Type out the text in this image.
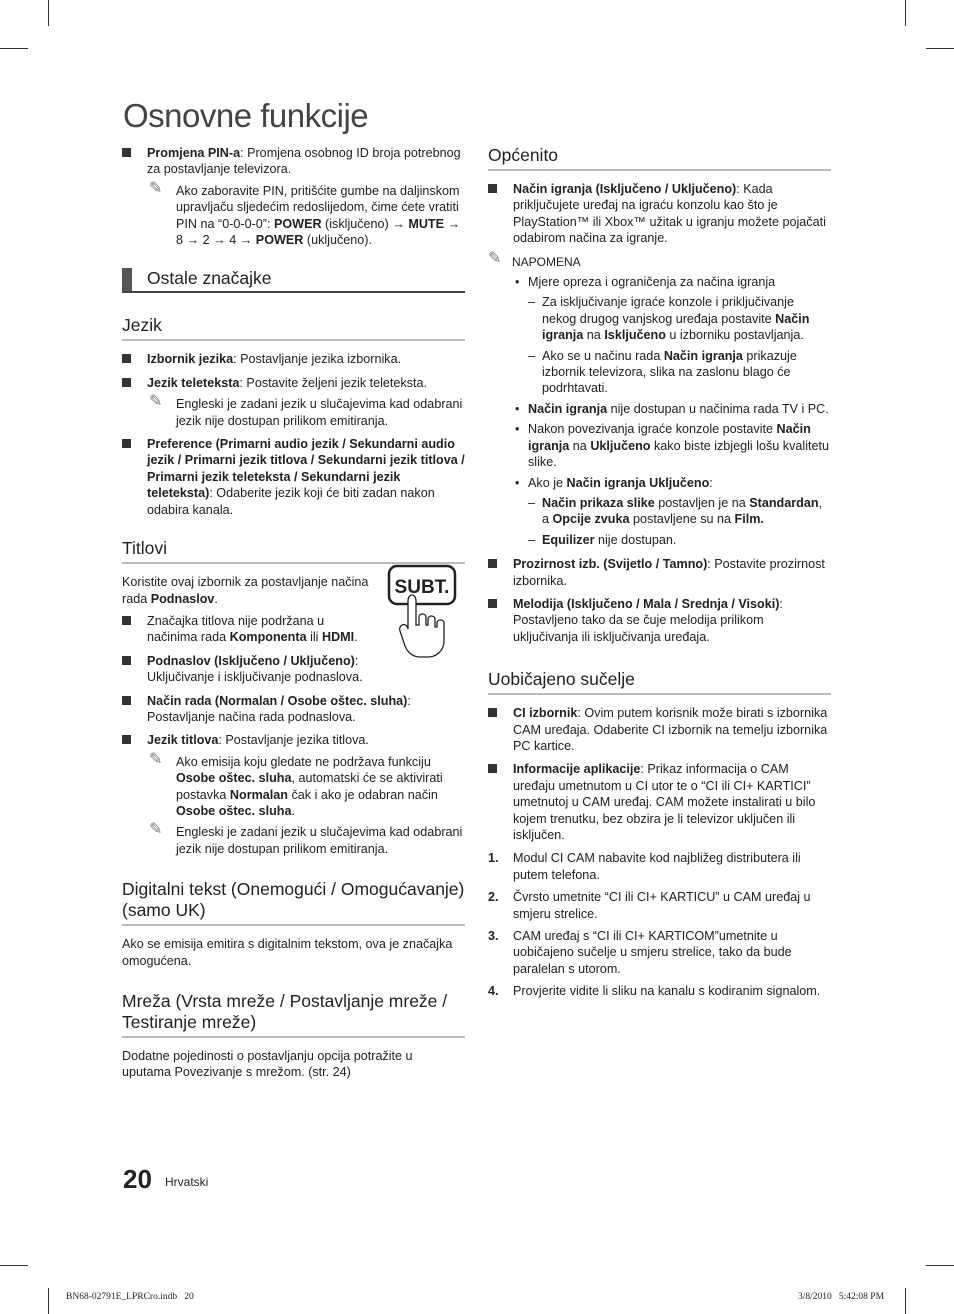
Osnovne funkcije
Promjena PIN-a: Promjena osobnog ID broja potrebnog za postavljanje televizora.
✎ Ako zaboravite PIN, pritišćite gumbe na daljinskom upravljaču sljedećim redoslijedom, čime ćete vratiti PIN na “0-0-0-0”: POWER (isključeno) → MUTE → 8 → 2 → 4 → POWER (uključeno).
Ostale značajke
Jezik
Izbornik jezika: Postavljanje jezika izbornika.
Jezik teleteksta: Postavite željeni jezik teleteksta.
✎ Engleski je zadani jezik u slučajevima kad odabrani jezik nije dostupan prilikom emitiranja.
Preference (Primarni audio jezik / Sekundarni audio jezik / Primarni jezik titlova / Sekundarni jezik titlova / Primarni jezik teleteksta / Sekundarni jezik teleteksta): Odaberite jezik koji će biti zadan nakon odabira kanala.
Titlovi

Koristite ovaj izbornik za postavljanje načina rada Podnaslov.

Značajka titlova nije podržana u načinima rada Komponenta ili HDMI.
Podnaslov (Isključeno / Uključeno): Uključivanje i isključivanje podnaslova.
Način rada (Normalan / Osobe oštec. sluha): Postavljanje načina rada podnaslova.
Jezik titlova: Postavljanje jezika titlova.
✎ Ako emisija koju gledate ne podržava funkciju Osobe oštec. sluha, automatski će se aktivirati postavka Normalan čak i ako je odabran način Osobe oštec. sluha.
✎ Engleski je zadani jezik u slučajevima kad odabrani jezik nije dostupan prilikom emitiranja.
Digitalni tekst (Onemogući / Omogućavanje) (samo UK)

Ako se emisija emitira s digitalnim tekstom, ova je značajka omogućena.

Mreža (Vrsta mreže / Postavljanje mreže / Testiranje mreže)

Dodatne pojedinosti o postavljanju opcija potražite u uputama Povezivanje s mrežom. (str. 24)

SUBT.
Općenito
Način igranja (Isključeno / Uključeno): Kada priključujete uređaj na igraću konzolu kao što je PlayStation™ ili Xbox™ užitak u igranju možete pojačati odabirom načina za igranje.
✎ NAPOMENA
• Mjere opreza i ograničenja za načina igranja
– Za isključivanje igraće konzole i priključivanje nekog drugog vanjskog uređaja postavite Način igranja na Isključeno u izborniku postavljanja.
– Ako se u načinu rada Način igranja prikazuje izbornik televizora, slika na zaslonu blago će podrhtavati.
• Način igranja nije dostupan u načinima rada TV i PC.
• Nakon povezivanja igraće konzole postavite Način igranja na Uključeno kako biste izbjegli lošu kvalitetu slike.
• Ako je Način igranja Uključeno:
– Način prikaza slike postavljen je na Standardan, a Opcije zvuka postavljene su na Film.
– Equilizer nije dostupan.
Prozirnost izb. (Svijetlo / Tamno): Postavite prozirnost izbornika.
Melodija (Isključeno / Mala / Srednja / Visoki): Postavljeno tako da se čuje melodija prilikom uključivanja ili isključivanja uređaja.
Uobičajeno sučelje
CI izbornik: Ovim putem korisnik može birati s izbornika CAM uređaja. Odaberite CI izbornik na temelju izbornika PC kartice.
Informacije aplikacije: Prikaz informacija o CAM uređaju umetnutom u CI utor te o “CI ili CI+ KARTICI” umetnutoj u CAM uređaj. CAM možete instalirati u bilo kojem trenutku, bez obzira je li televizor uključen ili isključen.
1. Modul CI CAM nabavite kod najbližeg distributera ili putem telefona.
2. Čvrsto umetnite “CI ili CI+ KARTICU” u CAM uređaj u smjeru strelice.
3. CAM uređaj s “CI ili CI+ KARTICOM”umetnite u uobičajeno sučelje u smjeru strelice, tako da bude paralelan s utorom.
4. Provjerite vidite li sliku na kanalu s kodiranim signalom.
20 Hrvatski
BN68-02791E_LPRCro.indb   20	3/8/2010   5:42:08 PM
